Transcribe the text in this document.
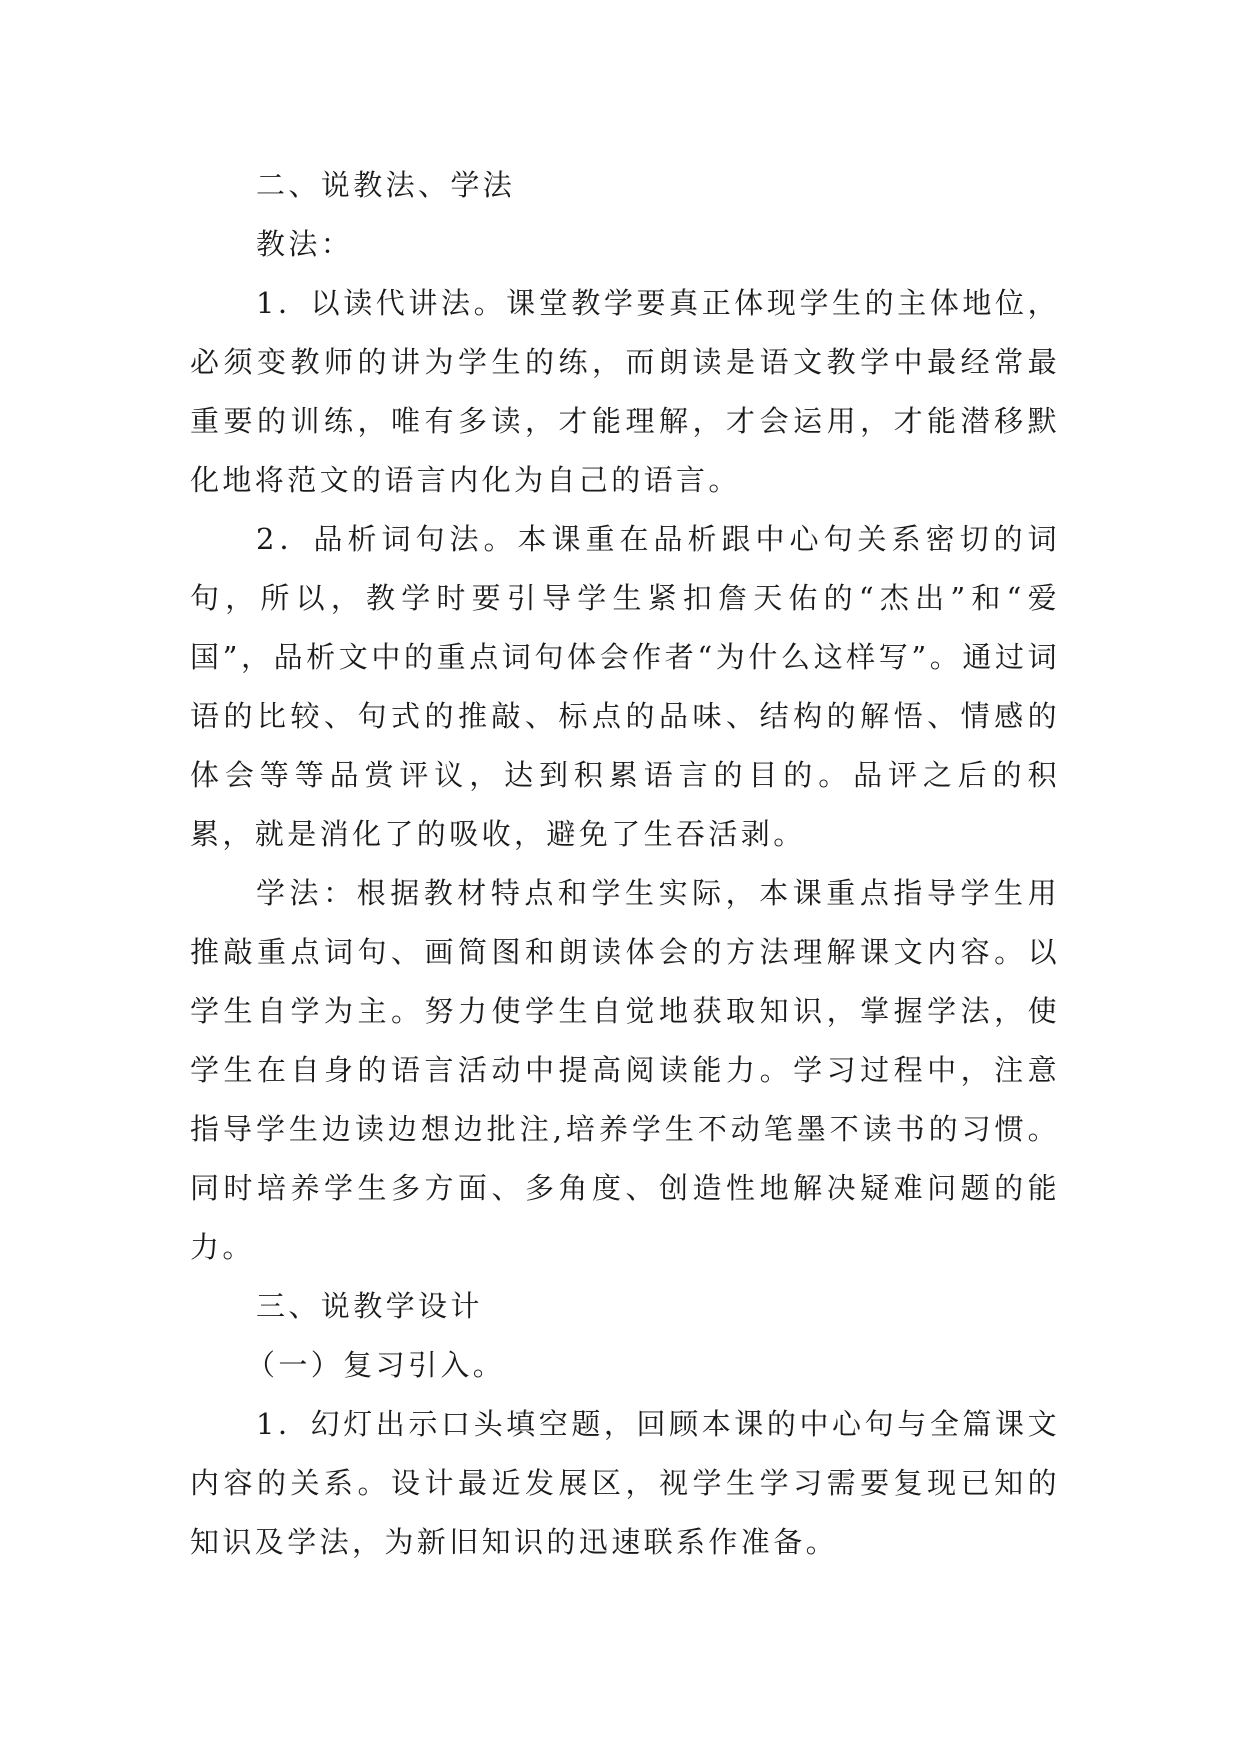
二、说教法、学法

教法：

1．以读代讲法。课堂教学要真正体现学生的主体地位，必须变教师的讲为学生的练，而朗读是语文教学中最经常最重要的训练，唯有多读，才能理解，才会运用，才能潜移默化地将范文的语言内化为自己的语言。

2．品析词句法。本课重在品析跟中心句关系密切的词句，所以，教学时要引导学生紧扣詹天佑的“杰出”和“爱国”，品析文中的重点词句体会作者“为什么这样写”。通过词语的比较、句式的推敲、标点的品味、结构的解悟、情感的体会等等品赏评议，达到积累语言的目的。品评之后的积累，就是消化了的吸收，避免了生吞活剥。

学法：根据教材特点和学生实际，本课重点指导学生用推敲重点词句、画简图和朗读体会的方法理解课文内容。以学生自学为主。努力使学生自觉地获取知识，掌握学法，使学生在自身的语言活动中提高阅读能力。学习过程中，注意指导学生边读边想边批注,培养学生不动笔墨不读书的习惯。同时培养学生多方面、多角度、创造性地解决疑难问题的能力。

三、说教学设计

（一）复习引入。

1．幻灯出示口头填空题，回顾本课的中心句与全篇课文内容的关系。设计最近发展区，视学生学习需要复现已知的知识及学法，为新旧知识的迅速联系作准备。
